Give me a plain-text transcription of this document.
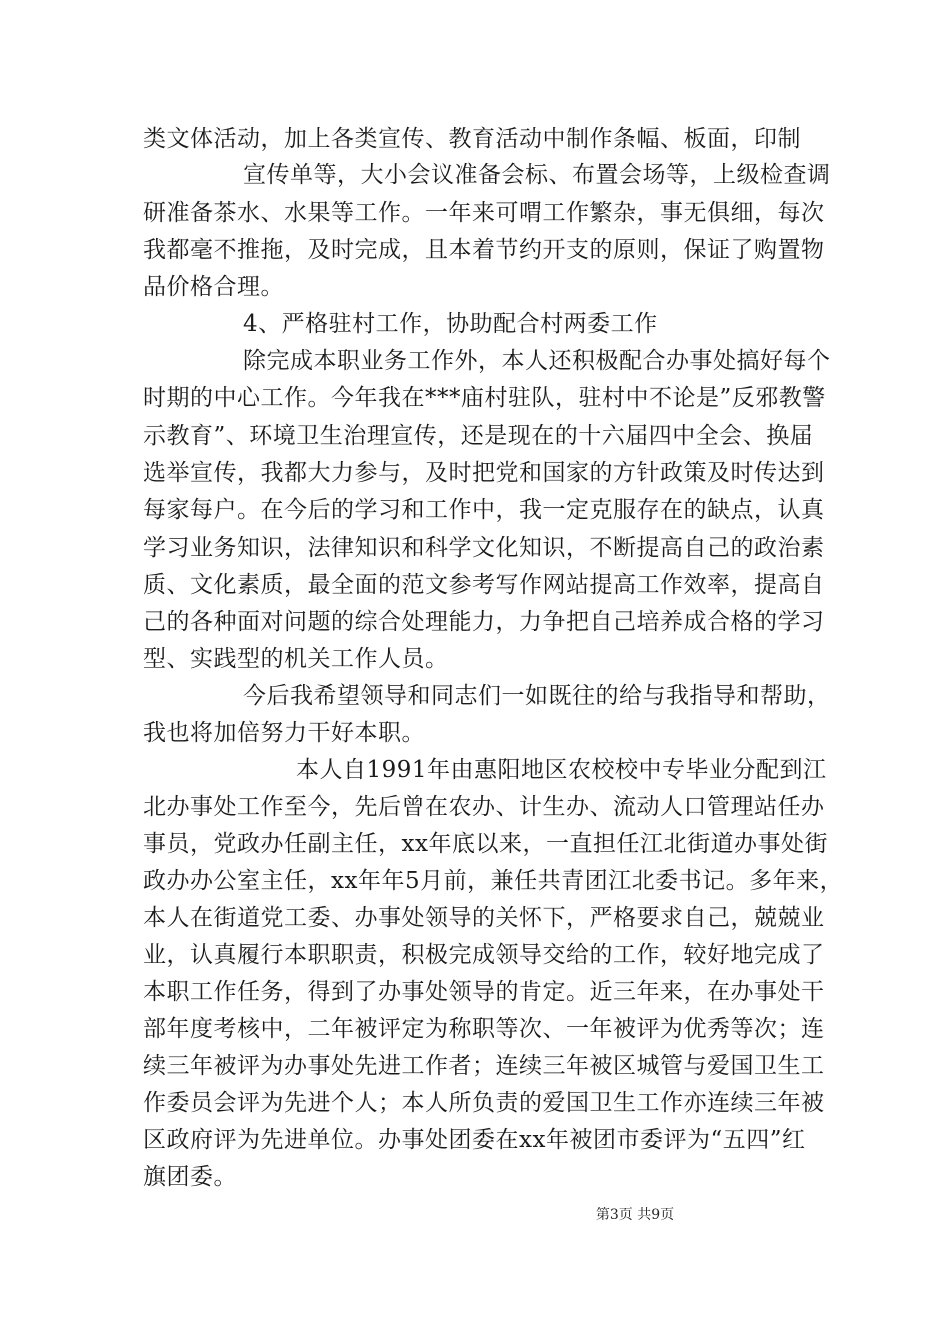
类文体活动，加上各类宣传、教育活动中制作条幅、板面，印制
宣传单等，大小会议准备会标、布置会场等，上级检查调
研准备茶水、水果等工作。一年来可喟工作繁杂，事无俱细，每次
我都毫不推拖，及时完成，且本着节约开支的原则，保证了购置物
品价格合理。
4、严格驻村工作，协助配合村两委工作
除完成本职业务工作外，本人还积极配合办事处搞好每个
时期的中心工作。今年我在***庙村驻队，驻村中不论是”反邪教警
示教育”、环境卫生治理宣传，还是现在的十六届四中全会、换届
选举宣传，我都大力参与，及时把党和国家的方针政策及时传达到
每家每户。在今后的学习和工作中，我一定克服存在的缺点，认真
学习业务知识，法律知识和科学文化知识，不断提高自己的政治素
质、文化素质，最全面的范文参考写作网站提高工作效率，提高自
己的各种面对问题的综合处理能力，力争把自己培养成合格的学习
型、实践型的机关工作人员。
今后我希望领导和同志们一如既往的给与我指导和帮助，
我也将加倍努力干好本职。
本人自1991年由惠阳地区农校校中专毕业分配到江
北办事处工作至今，先后曾在农办、计生办、流动人口管理站任办
事员，党政办任副主任，xx年底以来，一直担任江北街道办事处街
政办办公室主任，xx年年5月前，兼任共青团江北委书记。多年来，
本人在街道党工委、办事处领导的关怀下，严格要求自己，兢兢业
业，认真履行本职职责，积极完成领导交给的工作，较好地完成了
本职工作任务，得到了办事处领导的肯定。近三年来，在办事处干
部年度考核中，二年被评定为称职等次、一年被评为优秀等次；连
续三年被评为办事处先进工作者；连续三年被区城管与爱国卫生工
作委员会评为先进个人；本人所负责的爱国卫生工作亦连续三年被
区政府评为先进单位。办事处团委在xx年被团市委评为“五四”红
旗团委。
第3页 共9页
